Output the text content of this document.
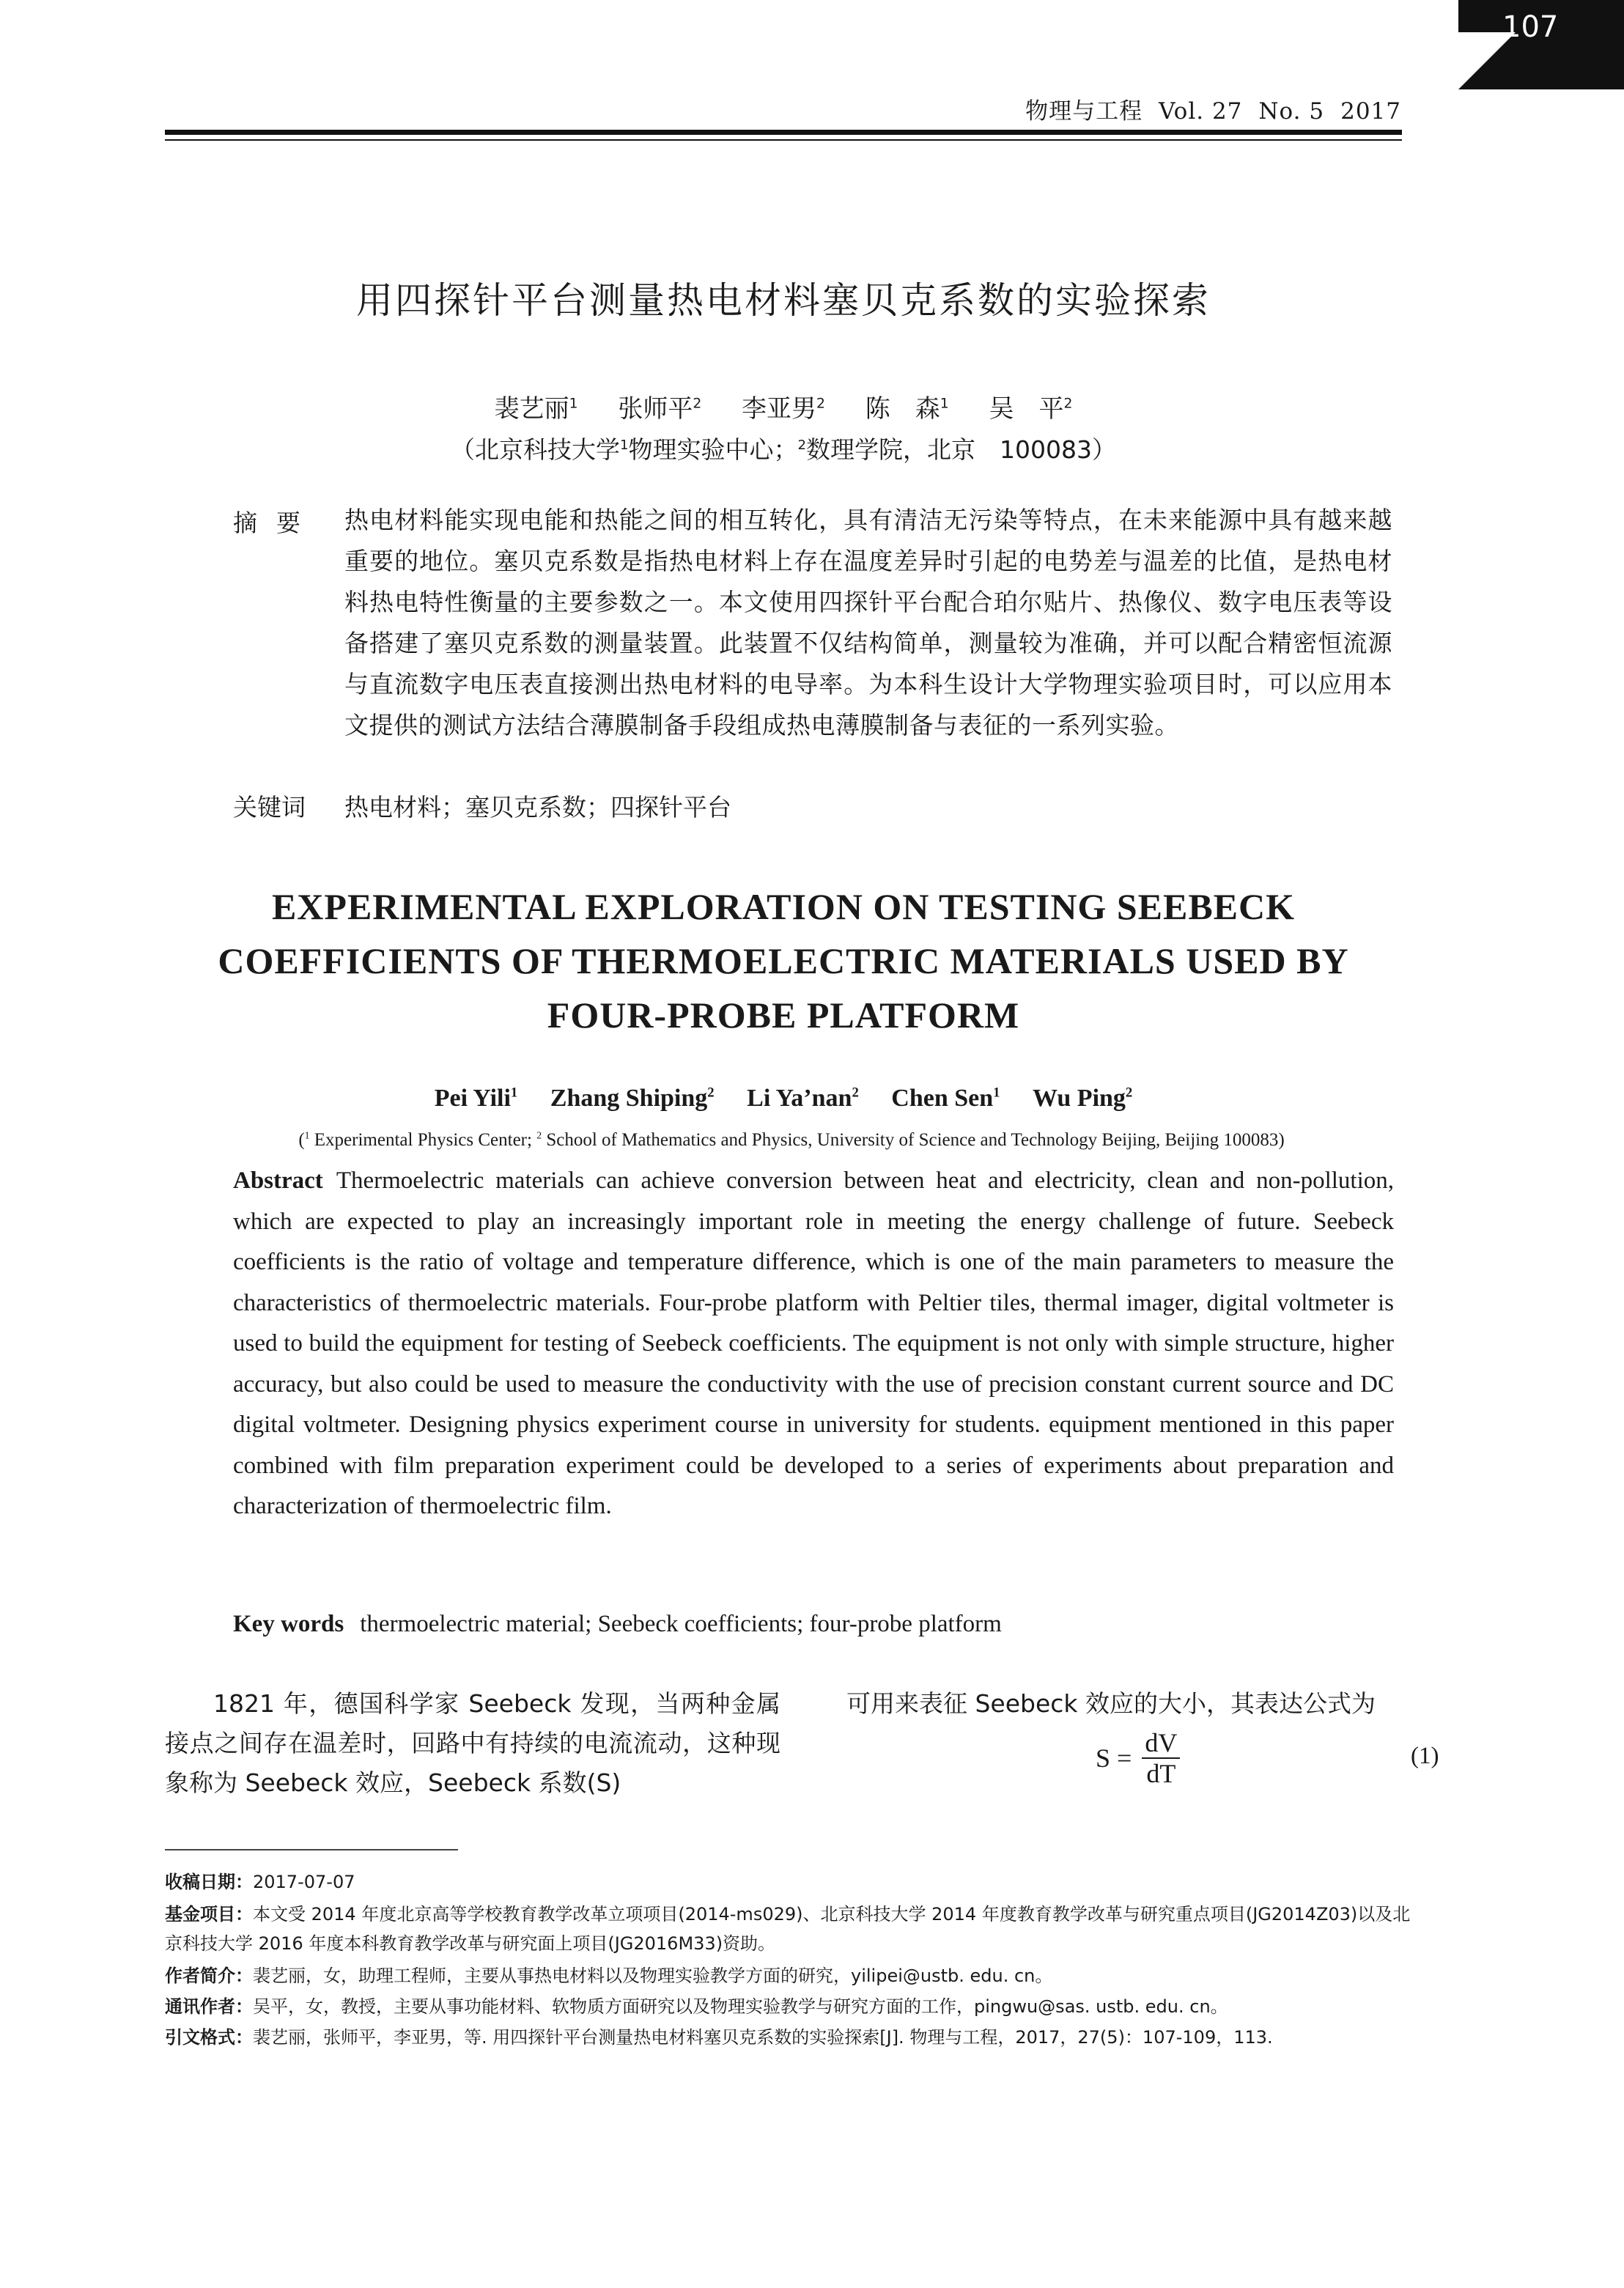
107
物理与工程 Vol. 27 No. 5 2017
用四探针平台测量热电材料塞贝克系数的实验探索
裴艺丽$^1$ 张师平$^2$ 李亚男$^2$ 陈　森$^1$ 吴　平$^2$
（北京科技大学$^1$物理实验中心；$^2$数理学院，北京　100083）
摘要 热电材料能实现电能和热能之间的相互转化，具有清洁无污染等特点，在未来能源中具有越来越重要的地位。塞贝克系数是指热电材料上存在温度差异时引起的电势差与温差的比值，是热电材料热电特性衡量的主要参数之一。本文使用四探针平台配合珀尔贴片、热像仪、数字电压表等设备搭建了塞贝克系数的测量装置。此装置不仅结构简单，测量较为准确，并可以配合精密恒流源与直流数字电压表直接测出热电材料的电导率。为本科生设计大学物理实验项目时，可以应用本文提供的测试方法结合薄膜制备手段组成热电薄膜制备与表征的一系列实验。
关键词 热电材料；塞贝克系数；四探针平台
EXPERIMENTAL EXPLORATION ON TESTING SEEBECK COEFFICIENTS OF THERMOELECTRIC MATERIALS USED BY FOUR-PROBE PLATFORM
Pei Yili$^1$ Zhang Shiping$^2$ Li Ya’nan$^2$ Chen Sen$^1$ Wu Ping$^2$
($^1$ Experimental Physics Center; $^2$ School of Mathematics and Physics, University of Science and Technology Beijing, Beijing 100083)
Abstract Thermoelectric materials can achieve conversion between heat and electricity, clean and non-pollution, which are expected to play an increasingly important role in meeting the energy challenge of future. Seebeck coefficients is the ratio of voltage and temperature difference, which is one of the main parameters to measure the characteristics of thermoelectric materials. Four-probe platform with Peltier tiles, thermal imager, digital voltmeter is used to build the equipment for testing of Seebeck coefficients. The equipment is not only with simple structure, higher accuracy, but also could be used to measure the conductivity with the use of precision constant current source and DC digital voltmeter. Designing physics experiment course in university for students. equipment mentioned in this paper combined with film preparation experiment could be developed to a series of experiments about preparation and characterization of thermoelectric film.
Key words thermoelectric material; Seebeck coefficients; four-probe platform
1821 年，德国科学家 Seebeck 发现，当两种金属接点之间存在温差时，回路中有持续的电流流动，这种现象称为 Seebeck 效应，Seebeck 系数(S)
可用来表征 Seebeck 效应的大小，其表达公式为
$S = \frac{dV}{dT}$	(1)
收稿日期：2017-07-07
基金项目：本文受 2014 年度北京高等学校教育教学改革立项项目(2014-ms029)、北京科技大学 2014 年度教育教学改革与研究重点项目(JG2014Z03)以及北京科技大学 2016 年度本科教育教学改革与研究面上项目(JG2016M33)资助。
作者简介：裴艺丽，女，助理工程师，主要从事热电材料以及物理实验教学方面的研究，yilipei@ustb. edu. cn。
通讯作者：吴平，女，教授，主要从事功能材料、软物质方面研究以及物理实验教学与研究方面的工作，pingwu@sas. ustb. edu. cn。
引文格式：裴艺丽，张师平，李亚男，等. 用四探针平台测量热电材料塞贝克系数的实验探索[J]. 物理与工程，2017，27(5)：107-109，113.
